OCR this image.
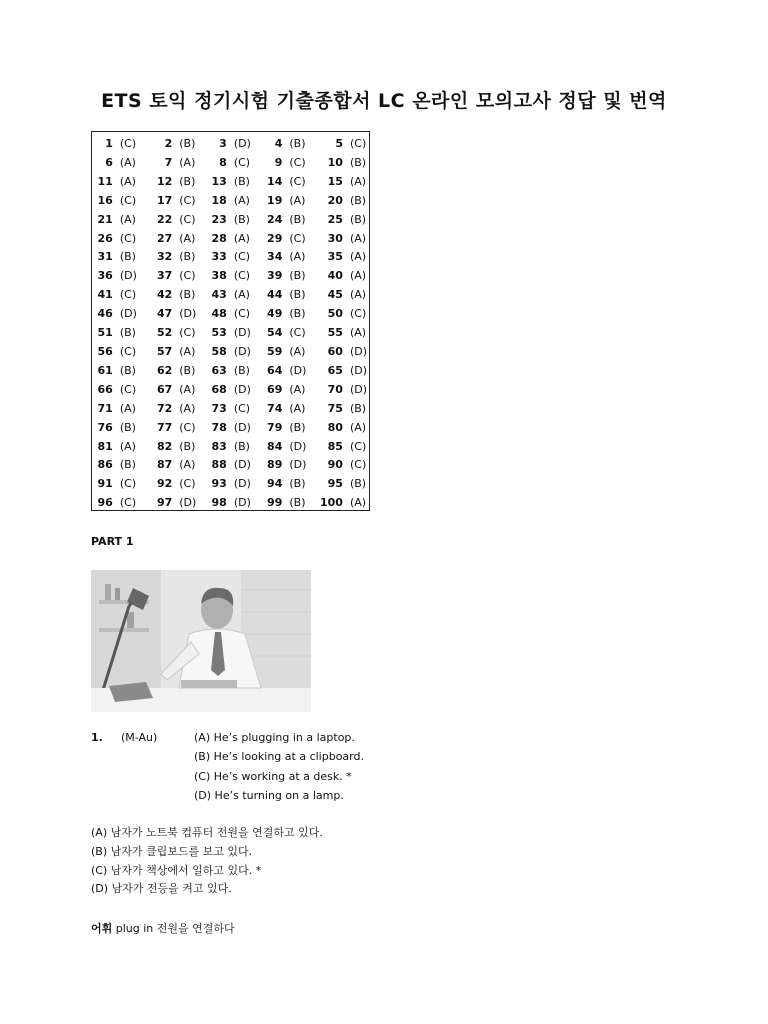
ETS 토익 정기시험 기출종합서 LC 온라인 모의고사 정답 및 번역
1	(C)	2	(B)	3	(D)	4	(B)	5	(C)
6	(A)	7	(A)	8	(C)	9	(C)	10	(B)
11	(A)	12	(B)	13	(B)	14	(C)	15	(A)
16	(C)	17	(C)	18	(A)	19	(A)	20	(B)
21	(A)	22	(C)	23	(B)	24	(B)	25	(B)
26	(C)	27	(A)	28	(A)	29	(C)	30	(A)
31	(B)	32	(B)	33	(C)	34	(A)	35	(A)
36	(D)	37	(C)	38	(C)	39	(B)	40	(A)
41	(C)	42	(B)	43	(A)	44	(B)	45	(A)
46	(D)	47	(D)	48	(C)	49	(B)	50	(C)
51	(B)	52	(C)	53	(D)	54	(C)	55	(A)
56	(C)	57	(A)	58	(D)	59	(A)	60	(D)
61	(B)	62	(B)	63	(B)	64	(D)	65	(D)
66	(C)	67	(A)	68	(D)	69	(A)	70	(D)
71	(A)	72	(A)	73	(C)	74	(A)	75	(B)
76	(B)	77	(C)	78	(D)	79	(B)	80	(A)
81	(A)	82	(B)	83	(B)	84	(D)	85	(C)
86	(B)	87	(A)	88	(D)	89	(D)	90	(C)
91	(C)	92	(C)	93	(D)	94	(B)	95	(B)
96	(C)	97	(D)	98	(D)	99	(B)	100	(A)
PART 1
1. (M-Au)	(A) He’s plugging in a laptop.
(B) He’s looking at a clipboard.
(C) He’s working at a desk. *
(D) He’s turning on a lamp.
(A) 남자가 노트북 컴퓨터 전원을 연결하고 있다.
(B) 남자가 클립보드를 보고 있다.
(C) 남자가 책상에서 일하고 있다. *
(D) 남자가 전등을 켜고 있다.
어휘 plug in 전원을 연결하다
